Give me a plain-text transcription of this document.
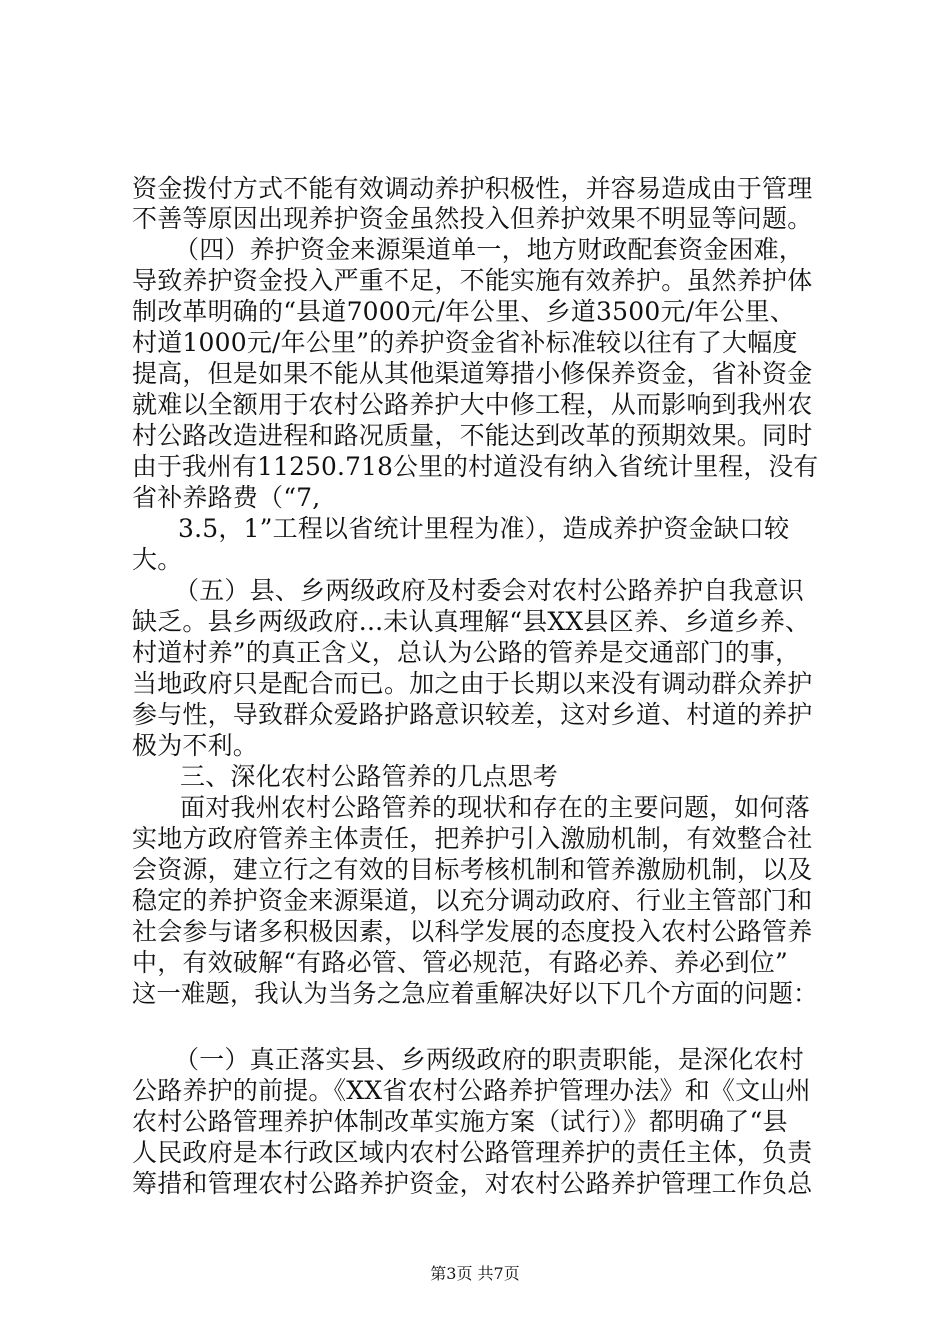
资金拨付方式不能有效调动养护积极性，并容易造成由于管理
不善等原因出现养护资金虽然投入但养护效果不明显等问题。
（四）养护资金来源渠道单一，地方财政配套资金困难，
导致养护资金投入严重不足，不能实施有效养护。虽然养护体
制改革明确的“县道7000元/年公里、乡道3500元/年公里、
村道1000元/年公里”的养护资金省补标准较以往有了大幅度
提高，但是如果不能从其他渠道筹措小修保养资金，省补资金
就难以全额用于农村公路养护大中修工程，从而影响到我州农
村公路改造进程和路况质量，不能达到改革的预期效果。同时
由于我州有11250.718公里的村道没有纳入省统计里程，没有
省补养路费（“7,
3.5，1”工程以省统计里程为准），造成养护资金缺口较
大。
（五）县、乡两级政府及村委会对农村公路养护自我意识
缺乏。县乡两级政府...未认真理解“县XX县区养、乡道乡养、
村道村养”的真正含义，总认为公路的管养是交通部门的事，
当地政府只是配合而已。加之由于长期以来没有调动群众养护
参与性，导致群众爱路护路意识较差，这对乡道、村道的养护
极为不利。
三、深化农村公路管养的几点思考
面对我州农村公路管养的现状和存在的主要问题，如何落
实地方政府管养主体责任，把养护引入激励机制，有效整合社
会资源，建立行之有效的目标考核机制和管养激励机制，以及
稳定的养护资金来源渠道，以充分调动政府、行业主管部门和
社会参与诸多积极因素，以科学发展的态度投入农村公路管养
中，有效破解“有路必管、管必规范，有路必养、养必到位”
这一难题，我认为当务之急应着重解决好以下几个方面的问题：
（一）真正落实县、乡两级政府的职责职能，是深化农村
公路养护的前提。《XX省农村公路养护管理办法》和《文山州
农村公路管理养护体制改革实施方案（试行）》都明确了“县
人民政府是本行政区域内农村公路管理养护的责任主体，负责
筹措和管理农村公路养护资金，对农村公路养护管理工作负总
第3页 共7页
